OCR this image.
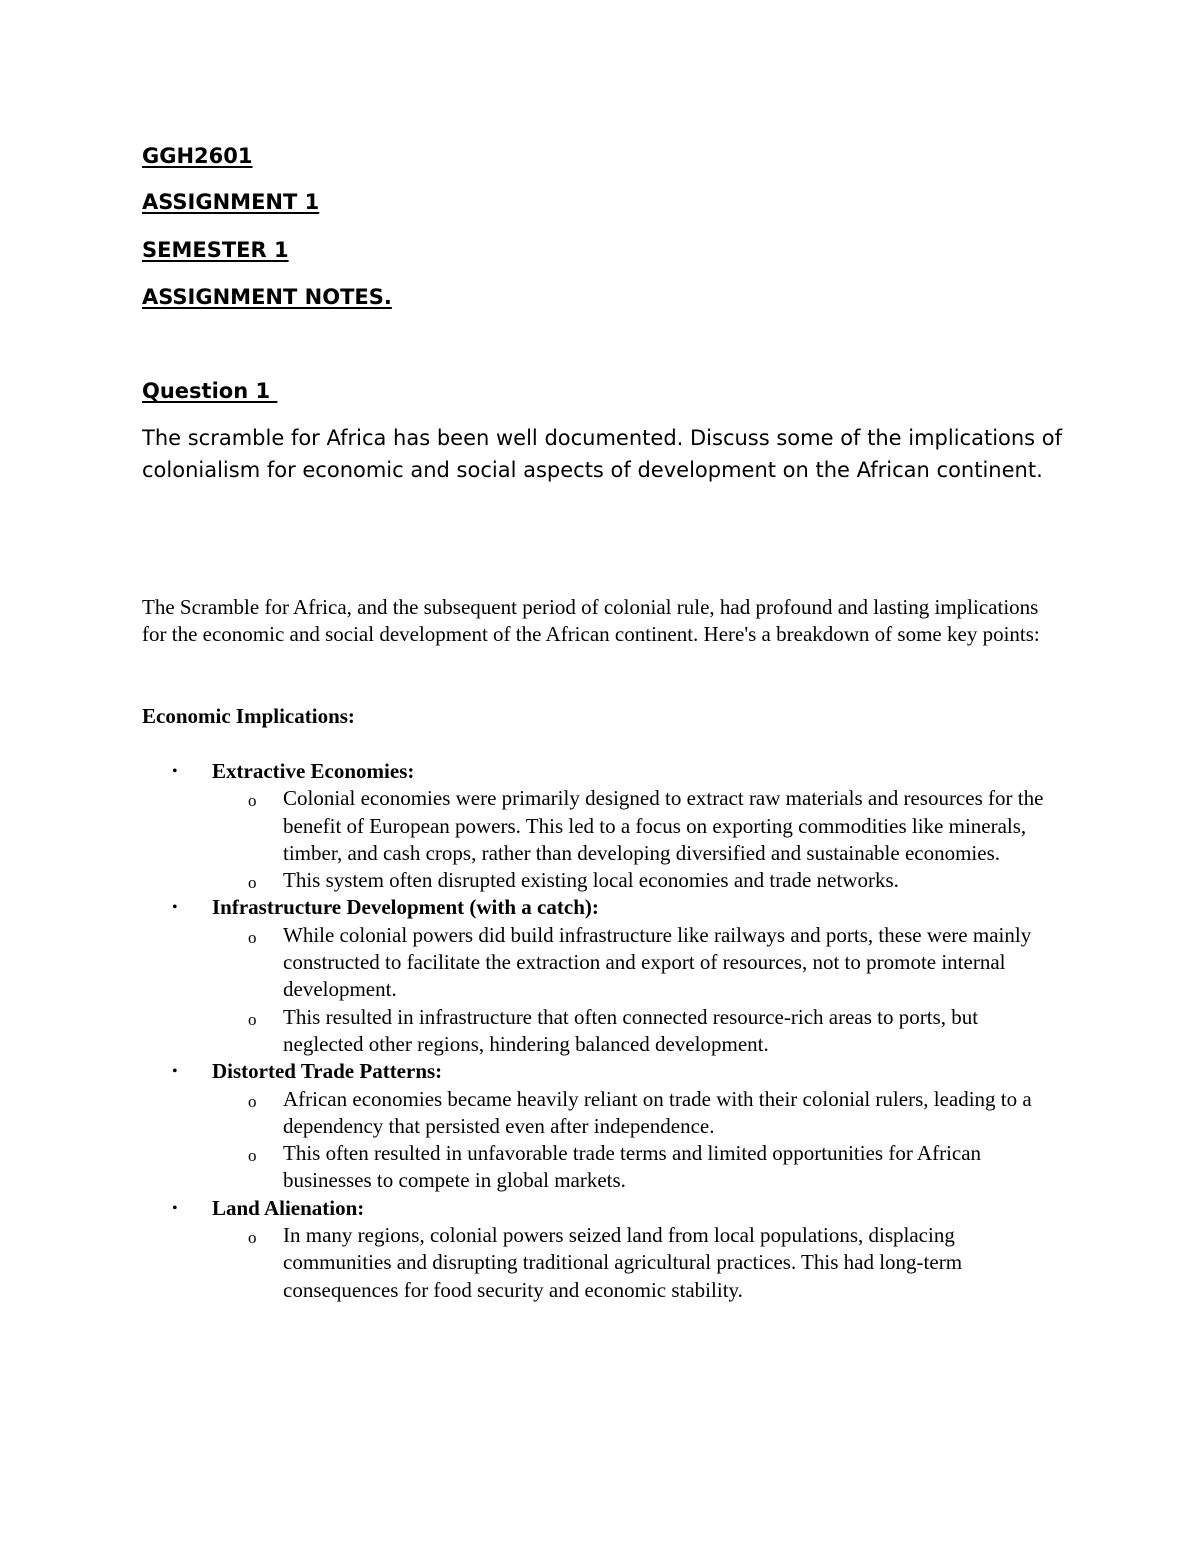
GGH2601

ASSIGNMENT 1

SEMESTER 1

ASSIGNMENT NOTES.

Question 1

The scramble for Africa has been well documented. Discuss some of the implications of colonialism for economic and social aspects of development on the African continent.

The Scramble for Africa, and the subsequent period of colonial rule, had profound and lasting implications for the economic and social development of the African continent. Here's a breakdown of some key points:

Economic Implications:

• Extractive Economies:
o Colonial economies were primarily designed to extract raw materials and resources for the benefit of European powers. This led to a focus on exporting commodities like minerals, timber, and cash crops, rather than developing diversified and sustainable economies.
o This system often disrupted existing local economies and trade networks.
• Infrastructure Development (with a catch):
o While colonial powers did build infrastructure like railways and ports, these were mainly constructed to facilitate the extraction and export of resources, not to promote internal development.
o This resulted in infrastructure that often connected resource-rich areas to ports, but neglected other regions, hindering balanced development.
• Distorted Trade Patterns:
o African economies became heavily reliant on trade with their colonial rulers, leading to a dependency that persisted even after independence.
o This often resulted in unfavorable trade terms and limited opportunities for African businesses to compete in global markets.
• Land Alienation:
o In many regions, colonial powers seized land from local populations, displacing communities and disrupting traditional agricultural practices. This had long-term consequences for food security and economic stability.
